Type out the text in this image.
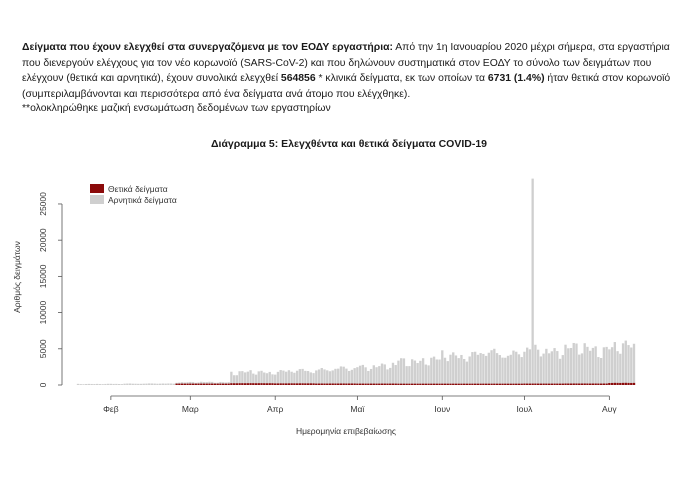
Δείγματα που έχουν ελεγχθεί στα συνεργαζόμενα με τον ΕΟΔΥ εργαστήρια: Από την 1η Ιανουαρίου 2020 μέχρι σήμερα, στα εργαστήρια που διενεργούν ελέγχους για τον νέο κορωνοϊό (SARS-CoV-2) και που δηλώνουν συστηματικά στον ΕΟΔΥ το σύνολο των δειγμάτων που ελέγχουν (θετικά και αρνητικά), έχουν συνολικά ελεγχθεί 564856 * κλινικά δείγματα, εκ των οποίων τα 6731 (1.4%) ήταν θετικά στον κορωνοϊό (συμπεριλαμβάνονται και περισσότερα από ένα δείγματα ανά άτομο που ελέγχθηκε).
**ολοκληρώθηκε μαζική ενσωμάτωση δεδομένων των εργαστηρίων
Διάγραμμα 5: Ελεγχθέντα και θετικά δείγματα COVID-19
0
5000
10000
15000
20000
25000
Αριθμός δειγμάτων
Φεβ	Μαρ	Απρ	Μαϊ	Ιουν	Ιουλ	Αυγ
Ημερομηνία επιβεβαίωσης
Θετικά δείγματα
Αρνητικά δείγματα
